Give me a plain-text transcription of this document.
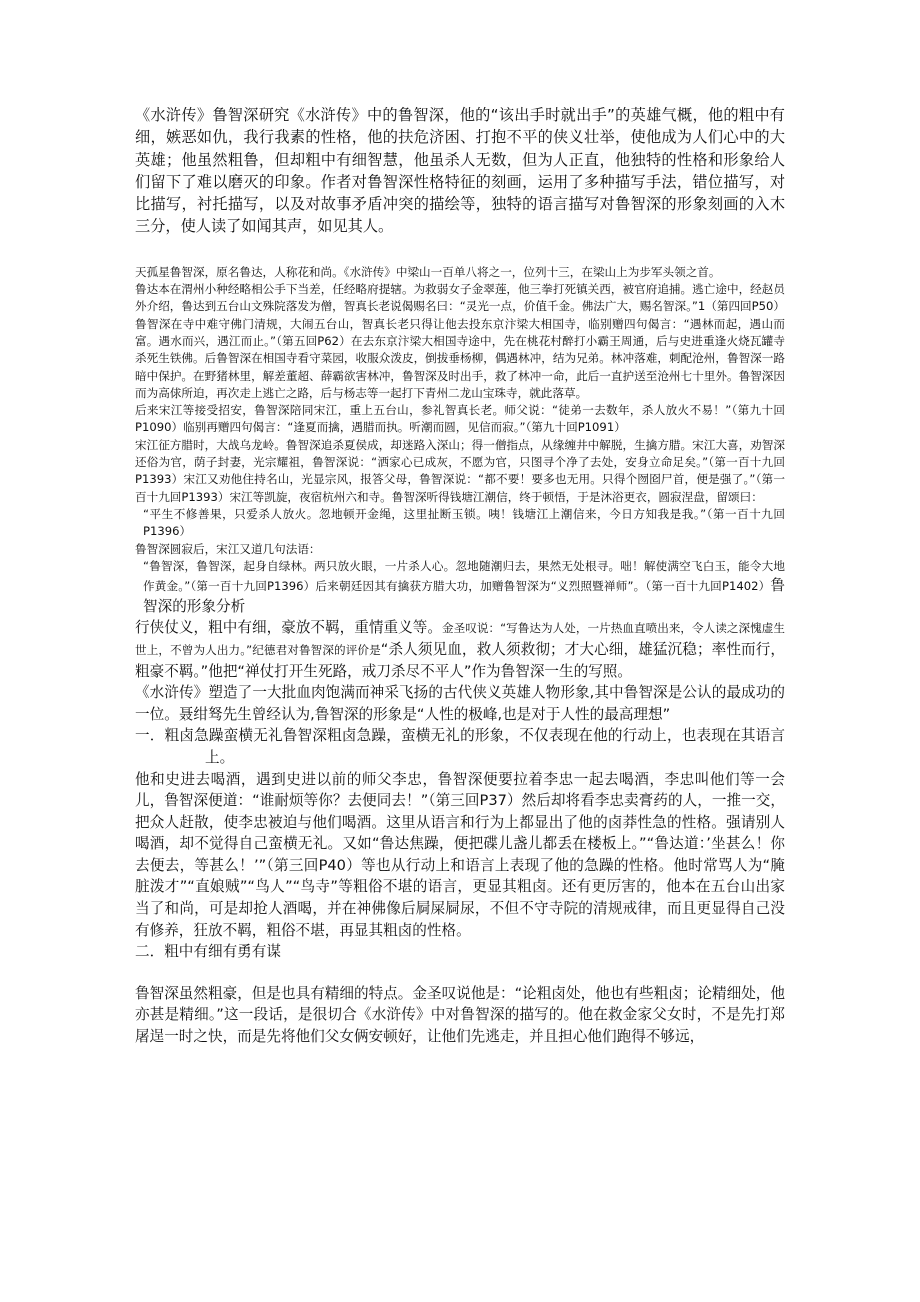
《水浒传》鲁智深研究《水浒传》中的鲁智深，他的“该出手时就出手”的英雄气概，他的粗中有细，嫉恶如仇，我行我素的性格，他的扶危济困、打抱不平的侠义壮举，使他成为人们心中的大英雄；他虽然粗鲁，但却粗中有细智慧，他虽杀人无数，但为人正直，他独特的性格和形象给人们留下了难以磨灭的印象。作者对鲁智深性格特征的刻画，运用了多种描写手法，错位描写，对比描写，衬托描写，以及对故事矛盾冲突的描绘等，独特的语言描写对鲁智深的形象刻画的入木三分，使人读了如闻其声，如见其人。

天孤星鲁智深，原名鲁达，人称花和尚。《水浒传》中梁山一百单八将之一，位列十三，在梁山上为步军头领之首。

鲁达本在渭州小种经略相公手下当差，任经略府提辖。为救弱女子金翠莲，他三拳打死镇关西，被官府追捕。逃亡途中，经赵员外介绍，鲁达到五台山文殊院落发为僧，智真长老说偈赐名曰：“灵光一点，价值千金。佛法广大，赐名智深。”1（第四回P50）鲁智深在寺中难守佛门清规，大闹五台山，智真长老只得让他去投东京汴梁大相国寺，临别赠四句偈言：“遇林而起，遇山而富。遇水而兴，遇江而止。”（第五回P62）在去东京汴梁大相国寺途中，先在桃花村醉打小霸王周通，后与史进重逢火烧瓦罐寺杀死生铁佛。后鲁智深在相国寺看守菜园，收服众泼皮，倒拔垂杨柳，偶遇林冲，结为兄弟。林冲落难，刺配沧州，鲁智深一路暗中保护。在野猪林里，解差董超、薛霸欲害林冲，鲁智深及时出手，救了林冲一命，此后一直护送至沧州七十里外。鲁智深因而为高俅所迫，再次走上逃亡之路，后与杨志等一起打下青州二龙山宝珠寺，就此落草。

后来宋江等接受招安，鲁智深陪同宋江，重上五台山，参礼智真长老。师父说：“徒弟一去数年，杀人放火不易！”（第九十回P1090）临别再赠四句偈言：“逢夏而擒，遇腊而执。听潮而圆，见信而寂。”（第九十回P1091）

宋江征方腊时，大战乌龙岭。鲁智深追杀夏侯成，却迷路入深山；得一僧指点，从缘缠井中解脱，生擒方腊。宋江大喜，劝智深还俗为官，荫子封妻，光宗耀祖，鲁智深说：“洒家心已成灰，不愿为官，只图寻个净了去处，安身立命足矣。”（第一百十九回P1393）宋江又劝他住持名山，光显宗风，报答父母，鲁智深说：“都不要！要多也无用。只得个囫囵尸首，便是强了。”（第一百十九回P1393）宋江等凯旋，夜宿杭州六和寺。鲁智深听得钱塘江潮信，终于顿悟，于是沐浴更衣，圆寂涅盘，留颂曰：

“平生不修善果，只爱杀人放火。忽地顿开金绳，这里扯断玉锁。咦！钱塘江上潮信来，今日方知我是我。”（第一百十九回P1396）

鲁智深圆寂后，宋江又道几句法语：

“鲁智深，鲁智深，起身自绿林。两只放火眼，一片杀人心。忽地随潮归去，果然无处根寻。咄！解使满空飞白玉，能令大地作黄金。”（第一百十九回P1396）后来朝廷因其有擒获方腊大功，加赠鲁智深为“义烈照暨禅师”。（第一百十九回P1402）鲁智深的形象分析

行侠仗义，粗中有细，豪放不羁，重情重义等。金圣叹说：“写鲁达为人处，一片热血直喷出来，令人读之深愧虚生世上，不曾为人出力。”纪德君对鲁智深的评价是“杀人须见血，救人须救彻；才大心细，雄猛沉稳；率性而行，粗豪不羁。”他把“禅仗打开生死路，戒刀杀尽不平人”作为鲁智深一生的写照。

《水浒传》塑造了一大批血肉饱满而神采飞扬的古代侠义英雄人物形象,其中鲁智深是公认的最成功的一位。聂绀驽先生曾经认为,鲁智深的形象是“人性的极峰,也是对于人性的最高理想”

一．粗卤急躁蛮横无礼鲁智深粗卤急躁，蛮横无礼的形象，不仅表现在他的行动上，也表现在其语言上。

他和史进去喝酒，遇到史进以前的师父李忠，鲁智深便要拉着李忠一起去喝酒，李忠叫他们等一会儿，鲁智深便道：“谁耐烦等你？去便同去！”（第三回P37）然后却将看李忠卖膏药的人，一推一交，把众人赶散，使李忠被迫与他们喝酒。这里从语言和行为上都显出了他的卤莽性急的性格。强请别人喝酒，却不觉得自己蛮横无礼。又如“鲁达焦躁，便把碟儿盏儿都丢在楼板上。”“鲁达道：’坐甚么！你去便去，等甚么！’”（第三回P40）等也从行动上和语言上表现了他的急躁的性格。他时常骂人为“腌脏泼才”“直娘贼”“鸟人”“鸟寺”等粗俗不堪的语言，更显其粗卤。还有更厉害的，他本在五台山出家当了和尚，可是却抢人酒喝，并在神佛像后屙屎屙尿，不但不守寺院的清规戒律，而且更显得自己没有修养，狂放不羁，粗俗不堪，再显其粗卤的性格。

二．粗中有细有勇有谋

鲁智深虽然粗豪，但是也具有精细的特点。金圣叹说他是：“论粗卤处，他也有些粗卤；论精细处，他亦甚是精细。”这一段话，是很切合《水浒传》中对鲁智深的描写的。他在救金家父女时，不是先打郑屠逞一时之快，而是先将他们父女俩安顿好，让他们先逃走，并且担心他们跑得不够远，
